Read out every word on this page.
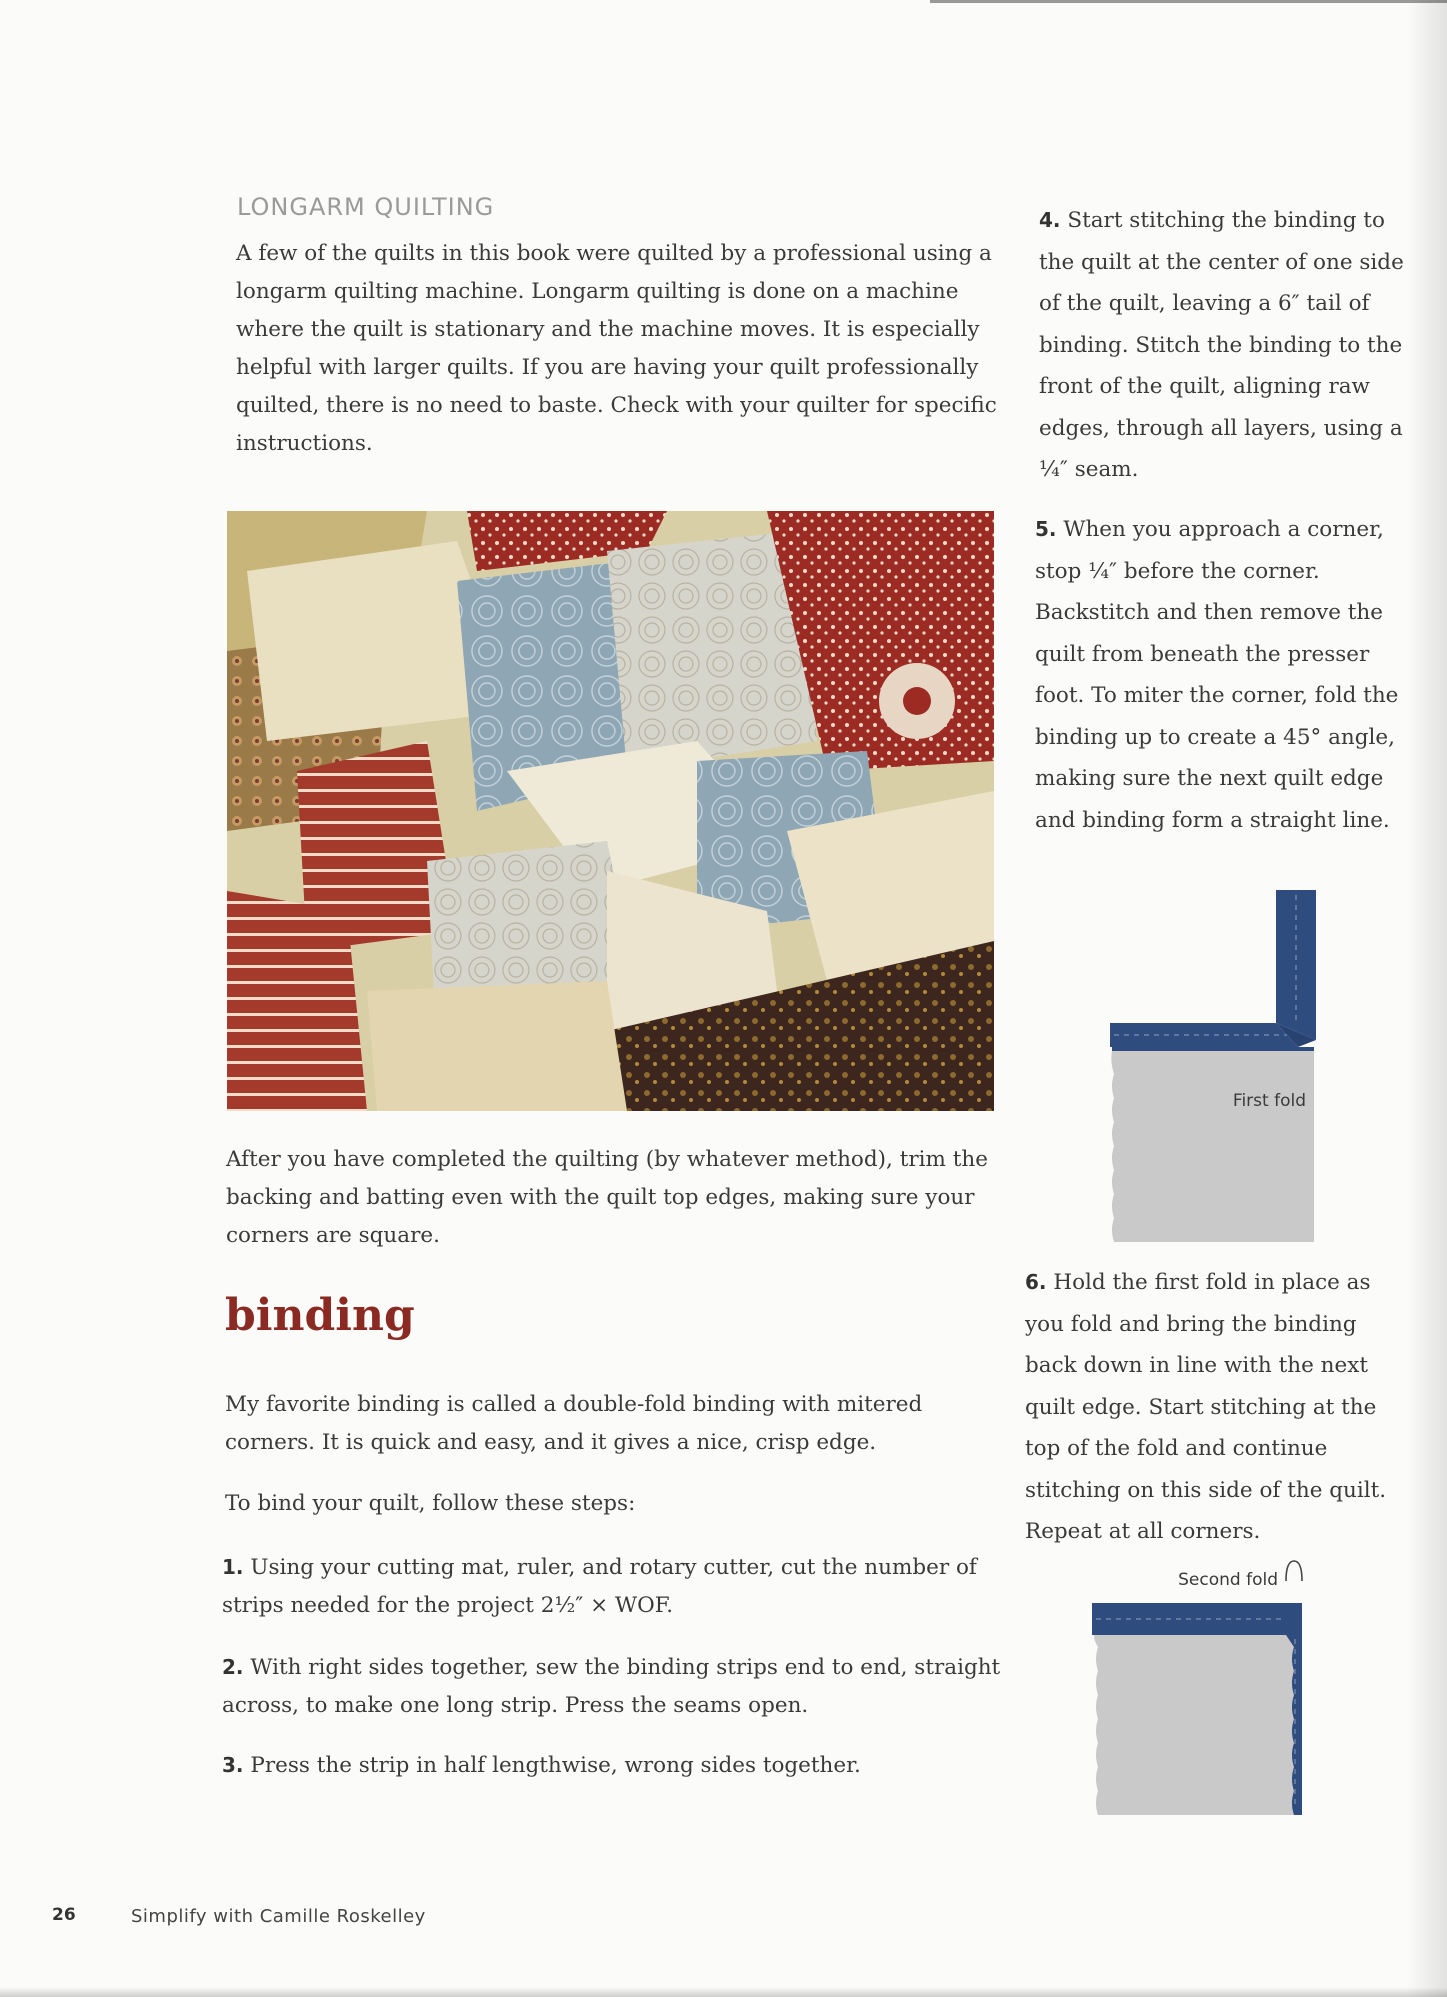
LONGARM QUILTING

A few of the quilts in this book were quilted by a professional using a longarm quilting machine. Longarm quilting is done on a machine where the quilt is stationary and the machine moves. It is especially helpful with larger quilts. If you are having your quilt professionally quilted, there is no need to baste. Check with your quilter for specific instructions.

After you have completed the quilting (by whatever method), trim the backing and batting even with the quilt top edges, making sure your corners are square.

binding

My favorite binding is called a double-fold binding with mitered corners. It is quick and easy, and it gives a nice, crisp edge.

To bind your quilt, follow these steps:

1. Using your cutting mat, ruler, and rotary cutter, cut the number of strips needed for the project 2½″ × WOF.

2. With right sides together, sew the binding strips end to end, straight across, to make one long strip. Press the seams open.

3. Press the strip in half lengthwise, wrong sides together.

4. Start stitching the binding to the quilt at the center of one side of the quilt, leaving a 6″ tail of binding. Stitch the binding to the front of the quilt, aligning raw edges, through all layers, using a ¼″ seam.

5. When you approach a corner, stop ¼″ before the corner. Backstitch and then remove the quilt from beneath the presser foot. To miter the corner, fold the binding up to create a 45° angle, making sure the next quilt edge and binding form a straight line.

First fold

6. Hold the first fold in place as you fold and bring the binding back down in line with the next quilt edge. Start stitching at the top of the fold and continue stitching on this side of the quilt. Repeat at all corners.

Second fold
26	Simplify with Camille Roskelley
